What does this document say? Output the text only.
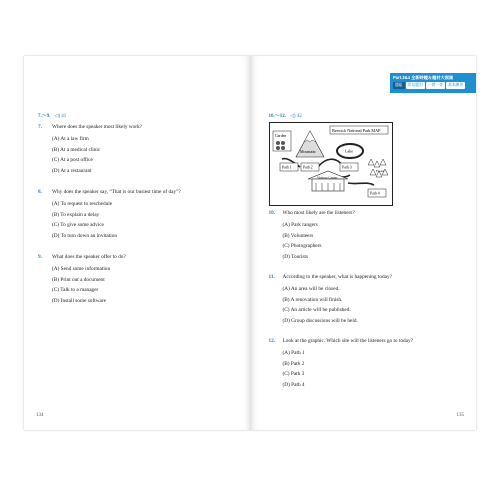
7.～9. ◁) 41
7. Where does the speaker most likely work?
(A) At a law firm
(B) At a medical clinic
(C) At a post office
(D) At a restaurant
8. Why does the speaker say, “That is our busiest time of day”?
(A) To request to reschedule
(B) To explain a delay
(C) To give some advice
(D) To turn down an invitation
9. What does the speaker offer to do?
(A) Send some information
(B) Print out a document
(C) Talk to a manager
(D) Install some software
134
Part.3&4 全新時題＆題材大預測
題組	常⾒題型	⼀問⼀答	基本練習
10.～12. ◁) 42
Berwick National Park MAP
Garden
Mountain	Lake
Path 1	Path 2	Path 3
Path 4
Forest
Visitors Center
10. Who most likely are the listeners?
(A) Park rangers
(B) Volunteers
(C) Photographers
(D) Tourists
11. According to the speaker, what is happening today?
(A) An area will be closed.
(B) A renovation will finish.
(C) An article will be published.
(D) Group discussions will be held.
12. Look at the graphic. Which site will the listeners go to today?
(A) Path 1
(B) Path 2
(C) Path 3
(D) Path 4
135
